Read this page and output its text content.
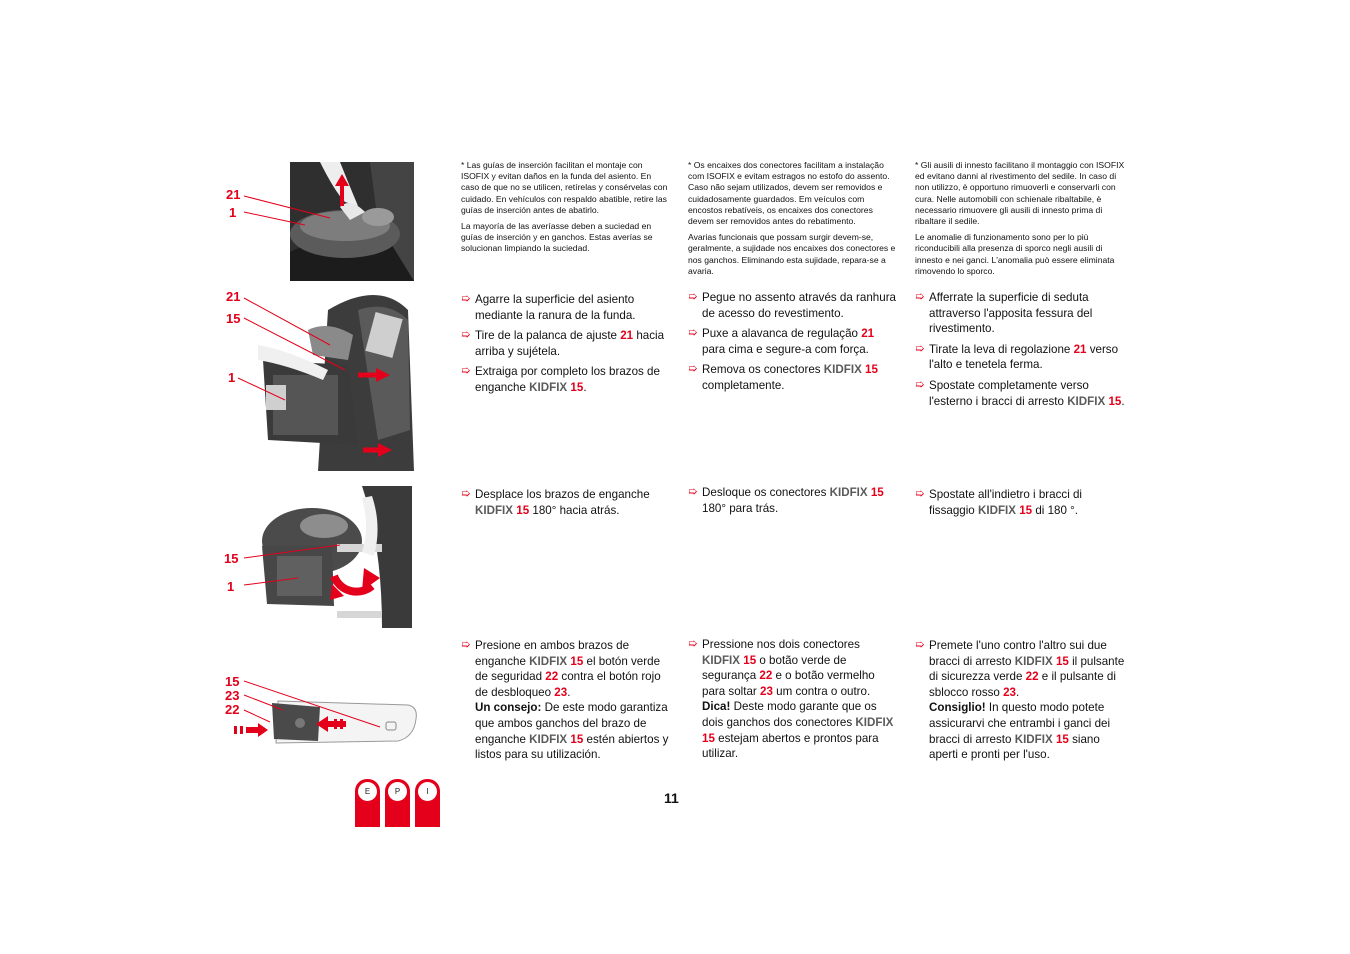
21
1
21
15
1
15
1
15
23
22

* Las guías de inserción facilitan el montaje con ISOFIX y evitan daños en la funda del asiento. En caso de que no se utilicen, retírelas y consérvelas con cuidado. En vehículos con respaldo abatible, retire las guías de inserción antes de abatirlo.

La mayoría de las averíasse deben a suciedad en guías de inserción y en ganchos. Estas averías se solucionan limpiando la suciedad.

➯ Agarre la superficie del asiento mediante la ranura de la funda.
➯ Tire de la palanca de ajuste 21 hacia arriba y sujétela.
➯ Extraiga por completo los brazos de enganche KIDFIX 15.
➯ Desplace los brazos de enganche KIDFIX 15 180° hacia atrás.
➯ Presione en ambos brazos de enganche KIDFIX 15 el botón verde de seguridad 22 contra el botón rojo de desbloqueo 23.
Un consejo: De este modo garantiza que ambos ganchos del brazo de enganche KIDFIX 15 estén abiertos y listos para su utilización.

* Os encaixes dos conectores facilitam a instalação com ISOFIX e evitam estragos no estofo do assento. Caso não sejam utilizados, devem ser removidos e cuidadosamente guardados. Em veículos com encostos rebatíveis, os encaixes dos conectores devem ser removidos antes do rebatimento.

Avarias funcionais que possam surgir devem-se, geralmente, a sujidade nos encaixes dos conectores e nos ganchos. Eliminando esta sujidade, repara-se a avaria.

➯ Pegue no assento através da ranhura de acesso do revestimento.
➯ Puxe a alavanca de regulação 21 para cima e segure-a com força.
➯ Remova os conectores KIDFIX 15 completamente.
➯ Desloque os conectores KIDFIX 15 180° para trás.
➯ Pressione nos dois conectores KIDFIX 15 o botão verde de segurança 22 e o botão vermelho para soltar 23 um contra o outro.
Dica! Deste modo garante que os dois ganchos dos conectores KIDFIX 15 estejam abertos e prontos para utilizar.

* Gli ausili di innesto facilitano il montaggio con ISOFIX ed evitano danni al rivestimento del sedile. In caso di non utilizzo, è opportuno rimuoverli e conservarli con cura. Nelle automobili con schienale ribaltabile, è necessario rimuovere gli ausili di innesto prima di ribaltare il sedile.

Le anomalie di funzionamento sono per lo più riconducibili alla presenza di sporco negli ausili di innesto e nei ganci. L'anomalia può essere eliminata rimovendo lo sporco.

➯ Afferrate la superficie di seduta attraverso l'apposita fessura del rivestimento.
➯ Tirate la leva di regolazione 21 verso l'alto e tenetela ferma.
➯ Spostate completamente verso l'esterno i bracci di arresto KIDFIX 15.
➯ Spostate all'indietro i bracci di fissaggio KIDFIX 15 di 180 °.
➯ Premete l'uno contro l'altro sui due bracci di arresto KIDFIX 15 il pulsante di sicurezza verde 22 e il pulsante di sblocco rosso 23.
Consiglio! In questo modo potete assicurarvi che entrambi i ganci dei bracci di arresto KIDFIX 15 siano aperti e pronti per l'uso.
E	P	I	11
